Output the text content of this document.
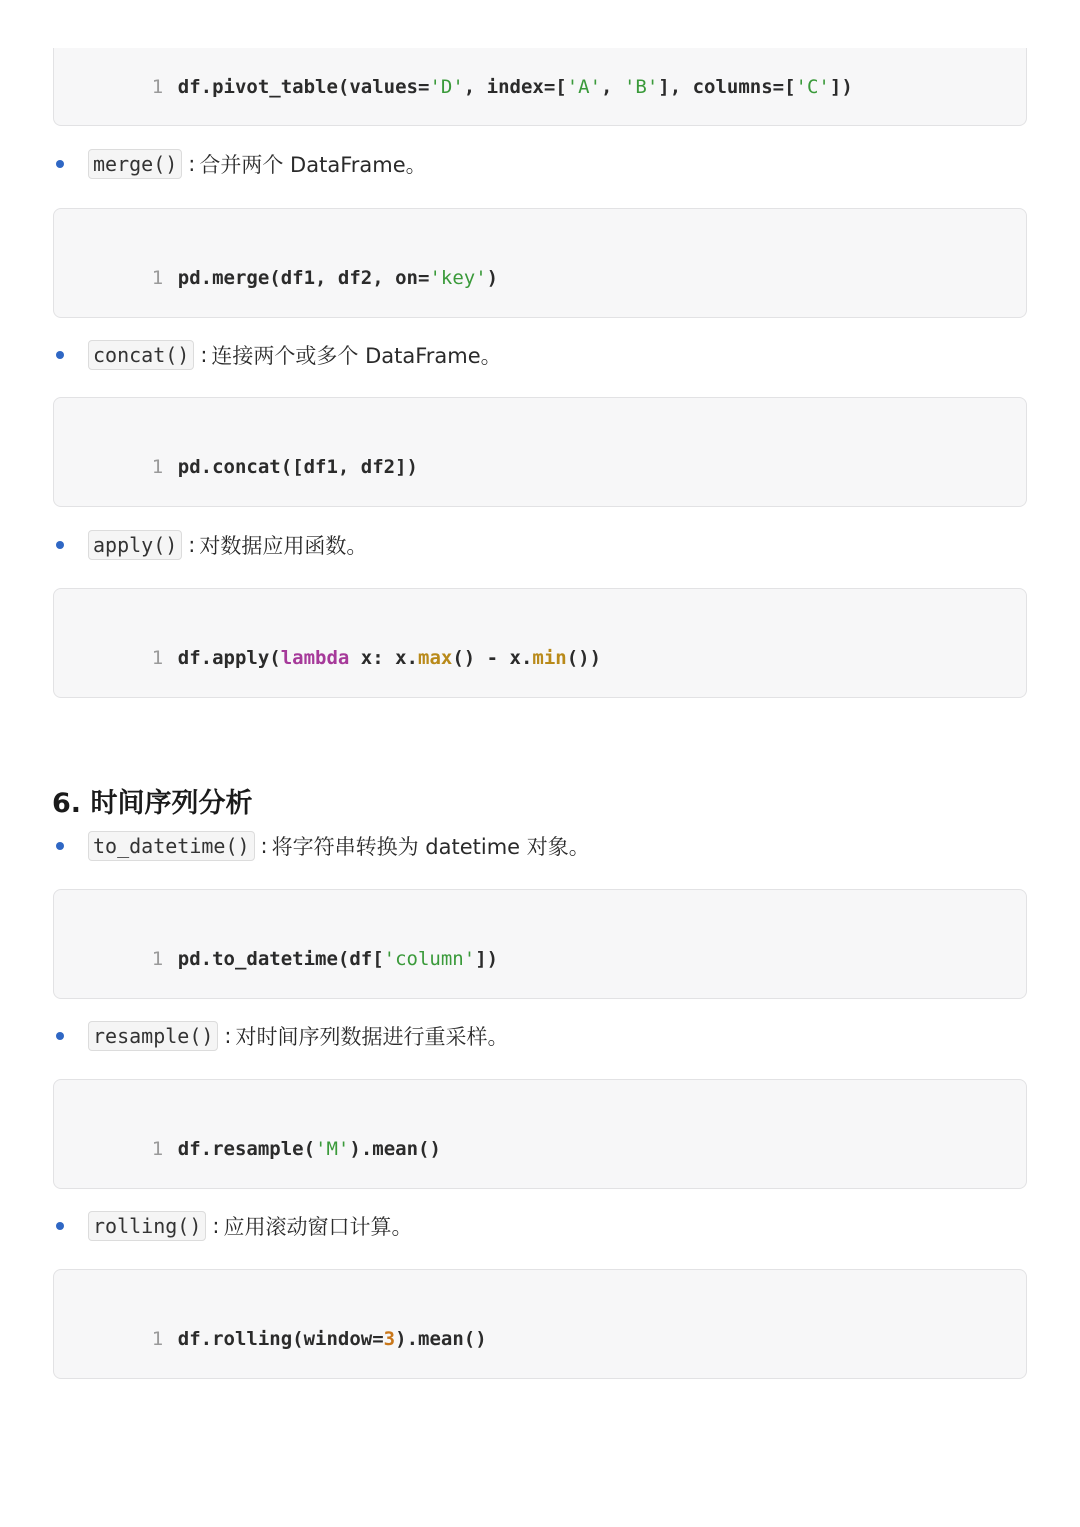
1 df.pivot_table(values='D', index=['A', 'B'], columns=['C'])

merge() : 合并两个 DataFrame。

1 pd.merge(df1, df2, on='key')

concat() : 连接两个或多个 DataFrame。

1 pd.concat([df1, df2])

apply() : 对数据应用函数。

1 df.apply(lambda x: x.max() - x.min())

6. 时间序列分析
to_datetime() : 将字符串转换为 datetime 对象。

1 pd.to_datetime(df['column'])

resample() : 对时间序列数据进行重采样。

1 df.resample('M').mean()

rolling() : 应用滚动窗口计算。

1 df.rolling(window=3).mean()
